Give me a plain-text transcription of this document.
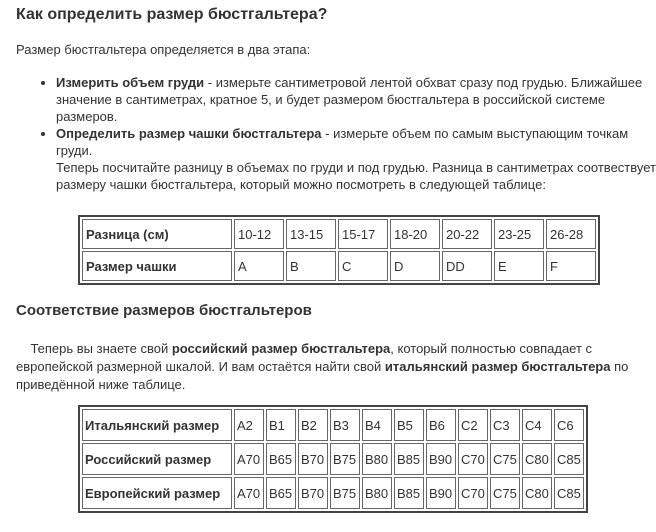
Как определить размер бюстгальтера?

Размер бюстгальтера определяется в два этапа:

• Измерить объем груди - измерьте сантиметровой лентой обхват сразу под грудью. Ближайшее значение в сантиметрах, кратное 5, и будет размером бюстгальтера в российской системе размеров.
• Определить размер чашки бюстгальтера - измерьте объем по самым выступающим точкам груди.
Теперь посчитайте разницу в объемах по груди и под грудью. Разница в сантиметрах соотвествует размеру чашки бюстгальтера, который можно посмотреть в следующей таблице:
Разница (см)	10-12	13-15	15-17	18-20	20-22	23-25	26-28
Размер чашки	A	B	C	D	DD	E	F
Соответствие размеров бюстгальтеров

Теперь вы знаете свой российский размер бюстгальтера, который полностью совпадает с европейской размерной шкалой. И вам остаётся найти свой итальянский размер бюстгальтера по приведённой ниже таблице.

Итальянский размер	A2	B1	B2	B3	B4	B5	B6	C2	C3	C4	C6
Российский размер	A70	B65	B70	B75	B80	B85	B90	C70	C75	C80	C85
Европейский размер	A70	B65	B70	B75	B80	B85	B90	C70	C75	C80	C85
